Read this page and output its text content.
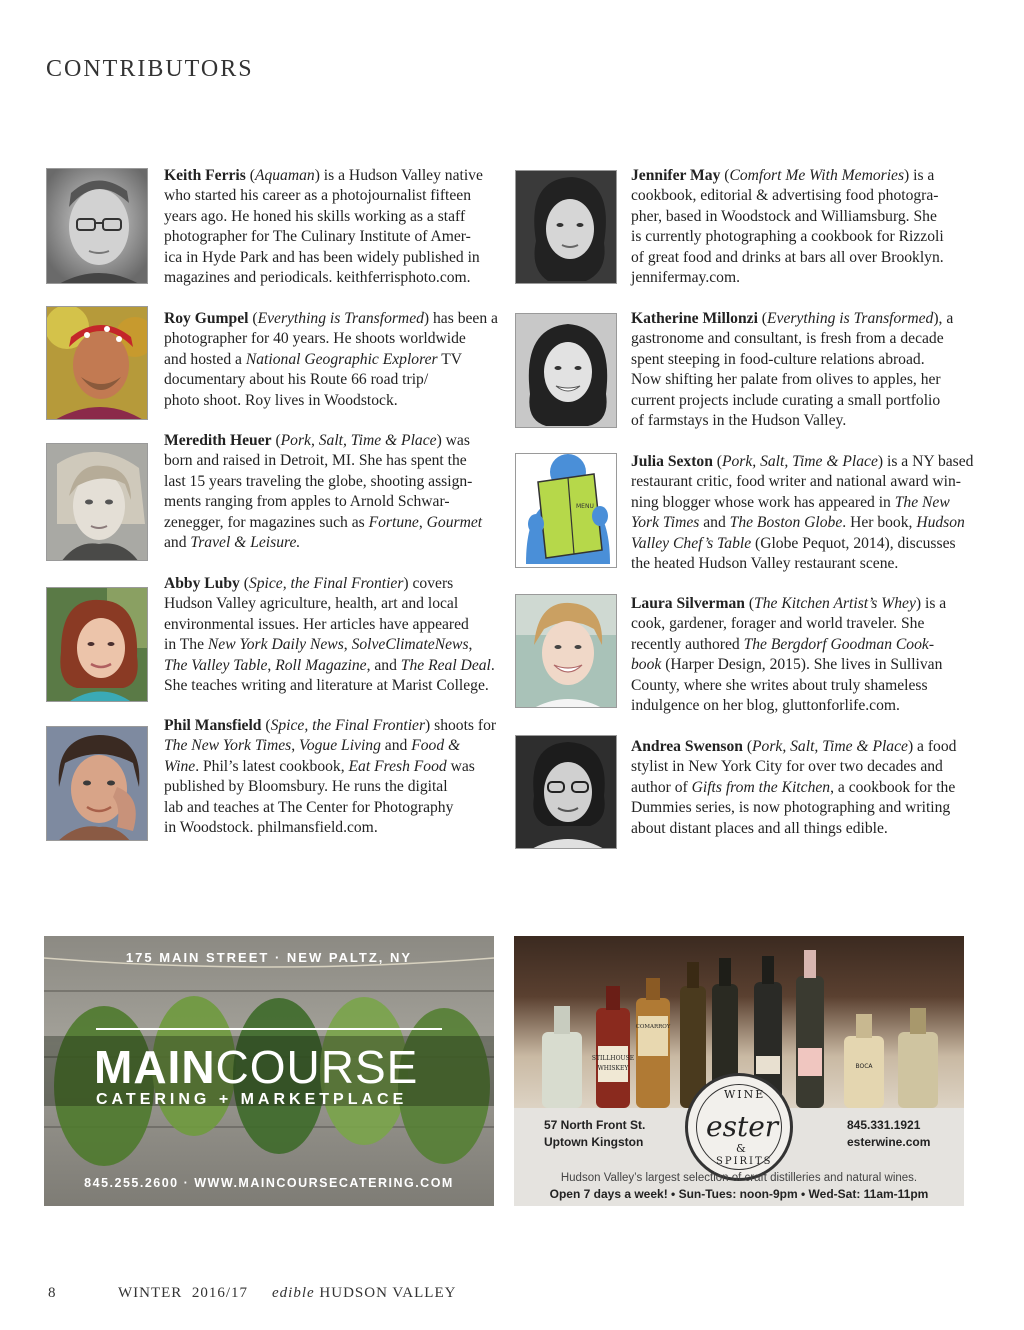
CONTRIBUTORS
Keith Ferris (Aquaman) is a Hudson Valley native
who started his career as a photojournalist fifteen
years ago. He honed his skills working as a staff
photographer for The Culinary Institute of Amer-
ica in Hyde Park and has been widely published in
magazines and periodicals. keithferrisphoto.com.
Roy Gumpel (Everything is Transformed) has been a
photographer for 40 years. He shoots worldwide
and hosted a National Geographic Explorer TV
documentary about his Route 66 road trip/
photo shoot. Roy lives in Woodstock.
Meredith Heuer (Pork, Salt, Time & Place) was
born and raised in Detroit, MI. She has spent the
last 15 years traveling the globe, shooting assign-
ments ranging from apples to Arnold Schwar-
zenegger, for magazines such as Fortune, Gourmet
and Travel & Leisure.
Abby Luby (Spice, the Final Frontier) covers
Hudson Valley agriculture, health, art and local
environmental issues. Her articles have appeared
in The New York Daily News, SolveClimateNews,
The Valley Table, Roll Magazine, and The Real Deal.
She teaches writing and literature at Marist College.
Phil Mansfield (Spice, the Final Frontier) shoots for
The New York Times, Vogue Living and Food &
Wine. Phil’s latest cookbook, Eat Fresh Food was
published by Bloomsbury. He runs the digital
lab and teaches at The Center for Photography
in Woodstock. philmansfield.com.
Jennifer May (Comfort Me With Memories) is a
cookbook, editorial & advertising food photogra-
pher, based in Woodstock and Williamsburg. She
is currently photographing a cookbook for Rizzoli
of great food and drinks at bars all over Brooklyn.
jennifermay.com.
Katherine Millonzi (Everything is Transformed), a
gastronome and consultant, is fresh from a decade
spent steeping in food-culture relations abroad.
Now shifting her palate from olives to apples, her
current projects include curating a small portfolio
of farmstays in the Hudson Valley.
MENU
Julia Sexton (Pork, Salt, Time & Place) is a NY based
restaurant critic, food writer and national award win-
ning blogger whose work has appeared in The New
York Times and The Boston Globe. Her book, Hudson
Valley Chef’s Table (Globe Pequot, 2014), discusses
the heated Hudson Valley restaurant scene.
Laura Silverman (The Kitchen Artist’s Whey) is a
cook, gardener, forager and world traveler. She
recently authored The Bergdorf Goodman Cook-
book (Harper Design, 2015). She lives in Sullivan
County, where she writes about truly shameless
indulgence on her blog, gluttonforlife.com.
Andrea Swenson (Pork, Salt, Time & Place) a food
stylist in New York City for over two decades and
author of Gifts from the Kitchen, a cookbook for the
Dummies series, is now photographing and writing
about distant places and all things edible.
175 MAIN STREET · NEW PALTZ, NY
MAINCOURSE
CATERING + MARKETPLACE
845.255.2600 · WWW.MAINCOURSECATERING.COM
STILLHOUSE
WHISKEY
COMARROY
BOCA
57 North Front St.
Uptown Kingston
845.331.1921
esterwine.com
WINE
ester
&
SPIRITS
Hudson Valley’s largest selection of craft distilleries and natural wines.
Open 7 days a week! • Sun-Tues: noon-9pm • Wed-Sat: 11am-11pm
8	WINTER  2016/17 edible HUDSON VALLEY
